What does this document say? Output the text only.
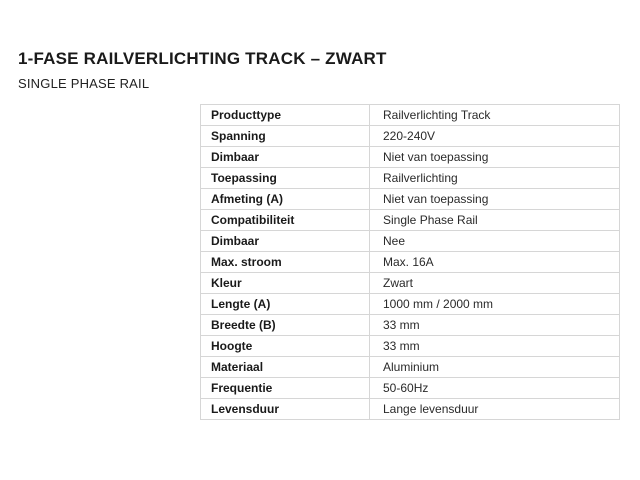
1-FASE RAILVERLICHTING TRACK – ZWART
SINGLE PHASE RAIL
Producttype	Railverlichting Track
Spanning	220-240V
Dimbaar	Niet van toepassing
Toepassing	Railverlichting
Afmeting (A)	Niet van toepassing
Compatibiliteit	Single Phase Rail
Dimbaar	Nee
Max. stroom	Max. 16A
Kleur	Zwart
Lengte (A)	1000 mm / 2000 mm
Breedte (B)	33 mm
Hoogte	33 mm
Materiaal	Aluminium
Frequentie	50-60Hz
Levensduur	Lange levensduur
